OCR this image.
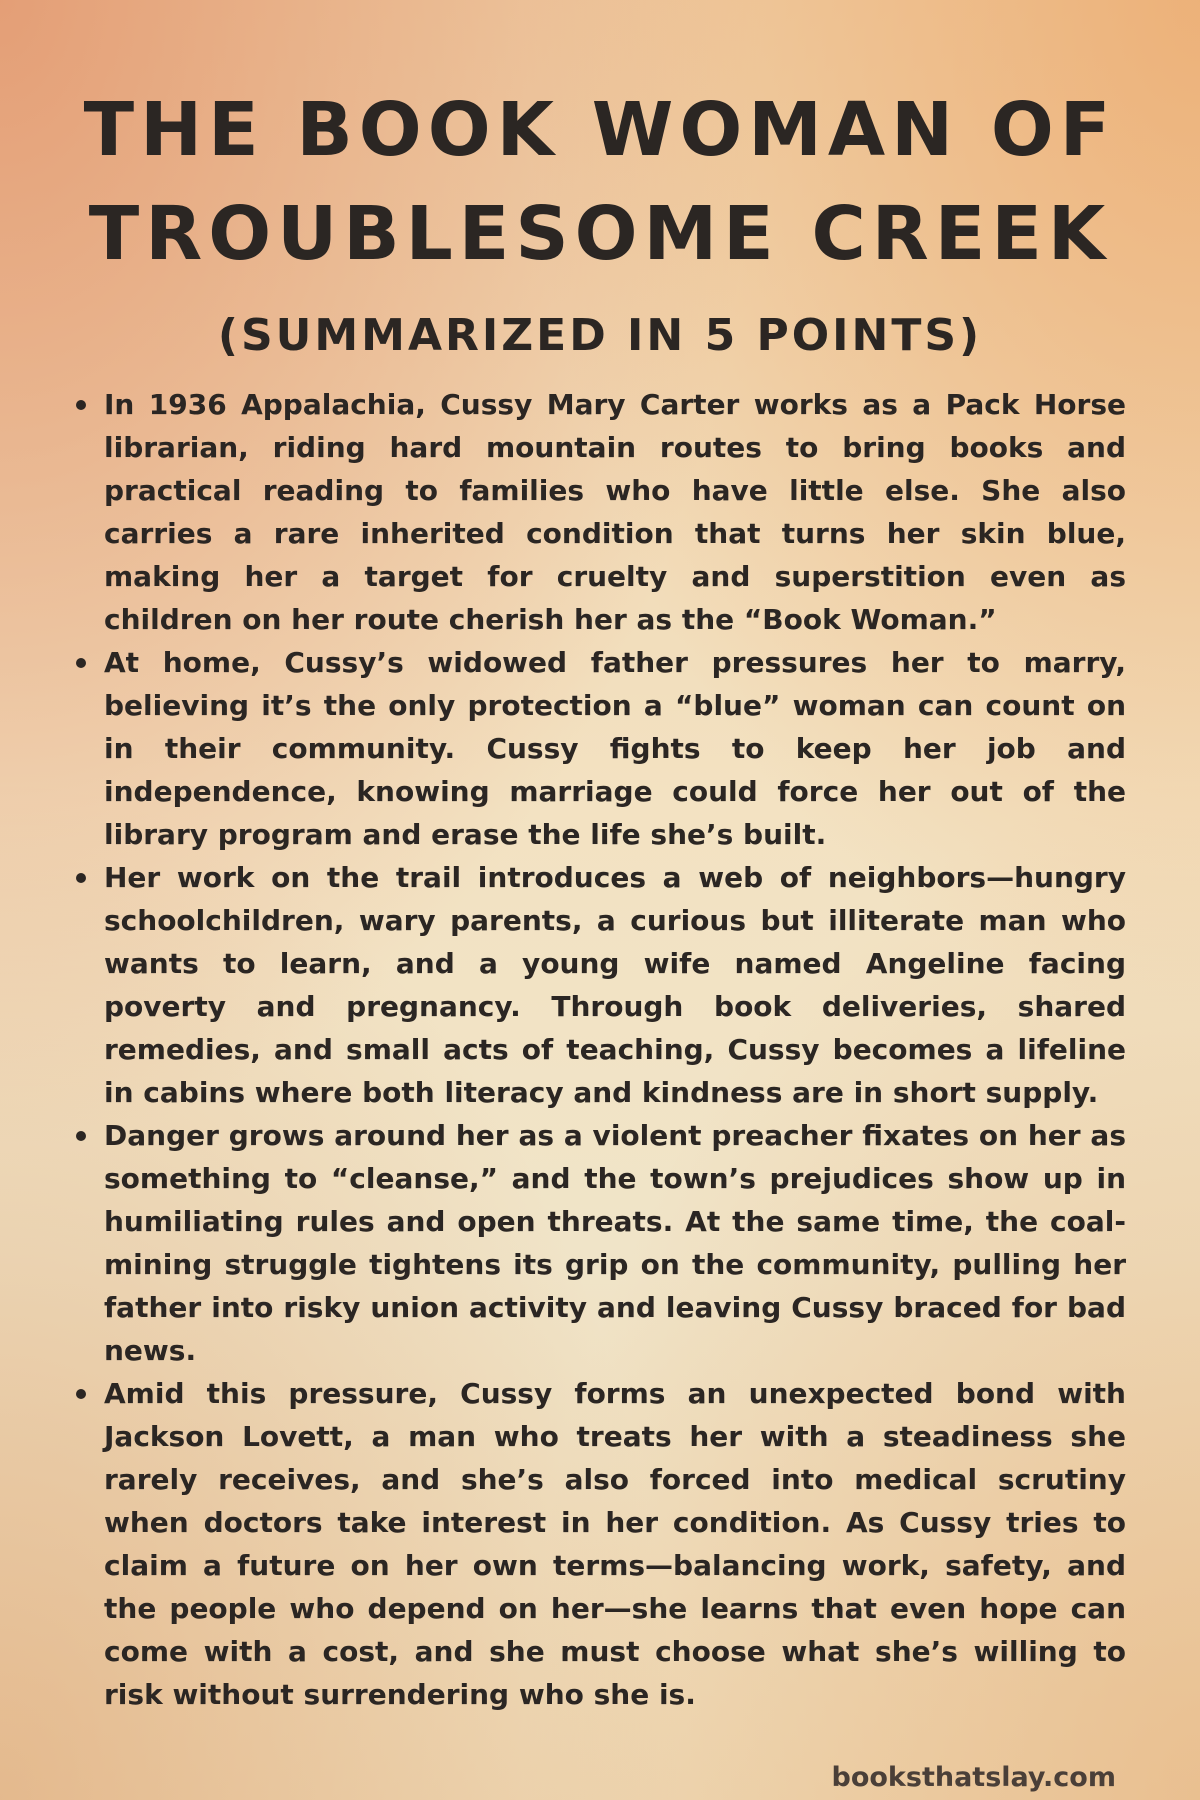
THE BOOK WOMAN OF
TROUBLESOME CREEK
(SUMMARIZED IN 5 POINTS)
In 1936 Appalachia, Cussy Mary Carter works as a Pack Horse librarian, riding hard mountain routes to bring books and practical reading to families who have little else. She also carries a rare inherited condition that turns her skin blue, making her a target for cruelty and superstition even as children on her route cherish her as the “Book Woman.”
At home, Cussy’s widowed father pressures her to marry, believing it’s the only protection a “blue” woman can count on in their community. Cussy fights to keep her job and independence, knowing marriage could force her out of the library program and erase the life she’s built.
Her work on the trail introduces a web of neighbors—hungry schoolchildren, wary parents, a curious but illiterate man who wants to learn, and a young wife named Angeline facing poverty and pregnancy. Through book deliveries, shared remedies, and small acts of teaching, Cussy becomes a lifeline in cabins where both literacy and kindness are in short supply.
Danger grows around her as a violent preacher fixates on her as something to “cleanse,” and the town’s prejudices show up in humiliating rules and open threats. At the same time, the coal-mining struggle tightens its grip on the community, pulling her father into risky union activity and leaving Cussy braced for bad news.
Amid this pressure, Cussy forms an unexpected bond with Jackson Lovett, a man who treats her with a steadiness she rarely receives, and she’s also forced into medical scrutiny when doctors take interest in her condition. As Cussy tries to claim a future on her own terms—balancing work, safety, and the people who depend on her—she learns that even hope can come with a cost, and she must choose what she’s willing to risk without surrendering who she is.
booksthatslay.com
